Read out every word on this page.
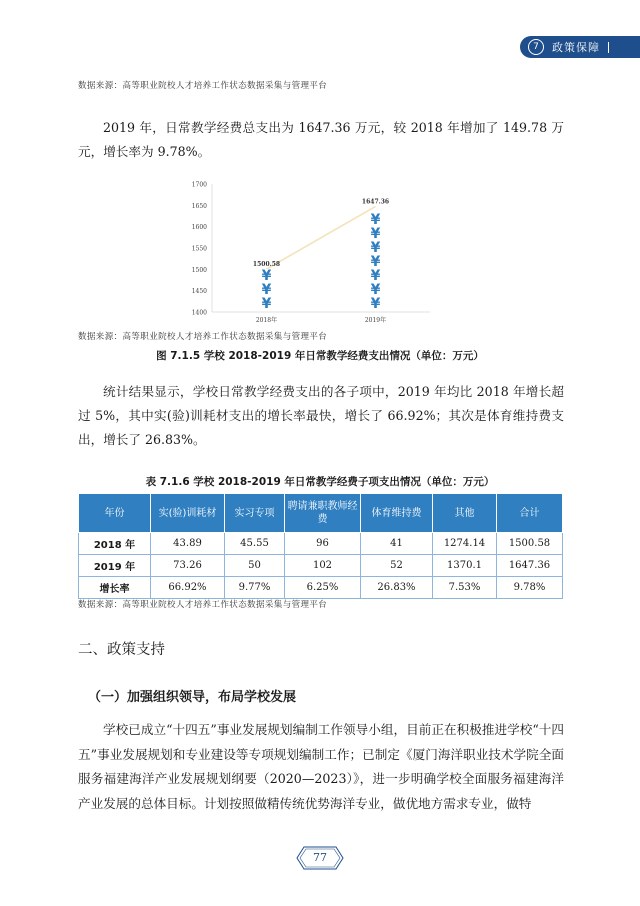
7	政策保障
数据来源：高等职业院校人才培养工作状态数据采集与管理平台

2019 年，日常教学经费总支出为 1647.36 万元，较 2018 年增加了 149.78 万元，增长率为 9.78%。

1400
1450
1500
1550
1600
1650
1700
2018年	2019年
¥
¥
¥
1500.58
¥
¥
¥
¥
¥
¥
¥
1647.36
数据来源：高等职业院校人才培养工作状态数据采集与管理平台
图 7.1.5 学校 2018-2019 年日常教学经费支出情况（单位：万元）

统计结果显示，学校日常教学经费支出的各子项中，2019 年均比 2018 年增长超过 5%，其中实(验)训耗材支出的增长率最快，增长了 66.92%；其次是体育维持费支出，增长了 26.83%。

表 7.1.6 学校 2018-2019 年日常教学经费子项支出情况（单位：万元）
年份	实(验)训耗材	实习专项	聘请兼职教师经费	体育维持费	其他	合计
2018 年	43.89	45.55	96	41	1274.14	1500.58
2019 年	73.26	50	102	52	1370.1	1647.36
增长率	66.92%	9.77%	6.25%	26.83%	7.53%	9.78%
数据来源：高等职业院校人才培养工作状态数据采集与管理平台
二、政策支持
（一）加强组织领导，布局学校发展

学校已成立“十四五”事业发展规划编制工作领导小组，目前正在积极推进学校“十四五”事业发展规划和专业建设等专项规划编制工作；已制定《厦门海洋职业技术学院全面服务福建海洋产业发展规划纲要（2020—2023）》，进一步明确学校全面服务福建海洋产业发展的总体目标。计划按照做精传统优势海洋专业，做优地方需求专业，做特

77
